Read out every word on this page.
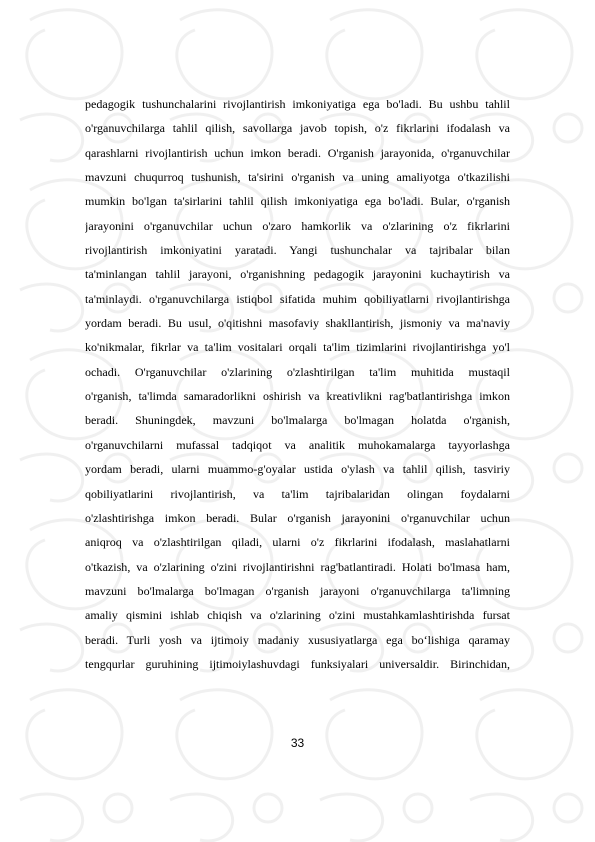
pedagogik tushunchalarini rivojlantirish imkoniyatiga ega bo'ladi. Bu ushbu tahlil
o'rganuvchilarga tahlil qilish, savollarga javob topish, o'z fikrlarini ifodalash va
qarashlarni rivojlantirish uchun imkon beradi. O'rganish jarayonida, o'rganuvchilar
mavzuni chuqurroq tushunish, ta'sirini o'rganish va uning amaliyotga o'tkazilishi
mumkin bo'lgan ta'sirlarini tahlil qilish imkoniyatiga ega bo'ladi. Bular, o'rganish
jarayonini o'rganuvchilar uchun o'zaro hamkorlik va o'zlarining o'z fikrlarini
rivojlantirish imkoniyatini yaratadi. Yangi tushunchalar va tajribalar bilan
ta'minlangan tahlil jarayoni, o'rganishning pedagogik jarayonini kuchaytirish va
ta'minlaydi. o'rganuvchilarga istiqbol sifatida muhim qobiliyatlarni rivojlantirishga
yordam beradi. Bu usul, o'qitishni masofaviy shakllantirish, jismoniy va ma'naviy
ko'nikmalar, fikrlar va ta'lim vositalari orqali ta'lim tizimlarini rivojlantirishga yo'l
ochadi. O'rganuvchilar o'zlarining o'zlashtirilgan ta'lim muhitida mustaqil
o'rganish, ta'limda samaradorlikni oshirish va kreativlikni rag'batlantirishga imkon
beradi. Shuningdek, mavzuni bo'lmalarga bo'lmagan holatda o'rganish,
o'rganuvchilarni mufassal tadqiqot va analitik muhokamalarga tayyorlashga
yordam beradi, ularni muammo-g'oyalar ustida o'ylash va tahlil qilish, tasviriy
qobiliyatlarini rivojlantirish, va ta'lim tajribalaridan olingan foydalarni
o'zlashtirishga imkon beradi. Bular o'rganish jarayonini o'rganuvchilar uchun
aniqroq va o'zlashtirilgan qiladi, ularni o'z fikrlarini ifodalash, maslahatlarni
o'tkazish, va o'zlarining o'zini rivojlantirishni rag'batlantiradi. Holati bo'lmasa ham,
mavzuni bo'lmalarga bo'lmagan o'rganish jarayoni o'rganuvchilarga ta'limning
amaliy qismini ishlab chiqish va o'zlarining o'zini mustahkamlashtirishda fursat
beradi. Turli yosh va ijtimoiy madaniy xususiyatlarga ega bo‘lishiga qaramay
tengqurlar guruhining ijtimoiylashuvdagi funksiyalari universaldir. Birinchidan,
33
